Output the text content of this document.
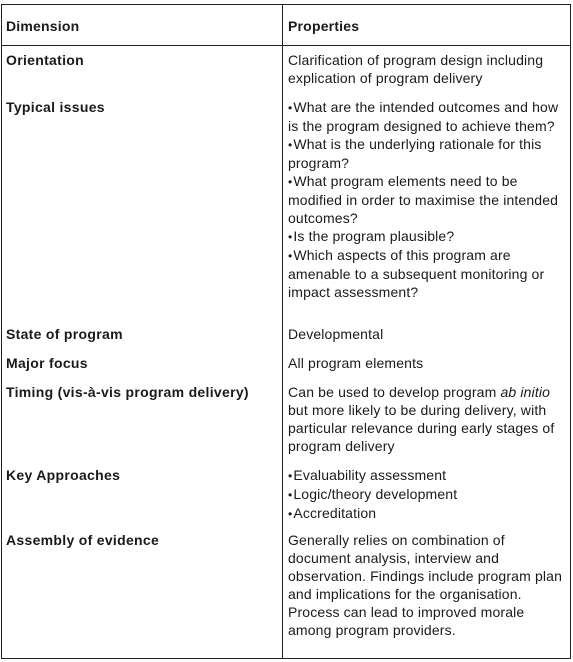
Dimension	Properties
Orientation	Clarification of program design including explication of program delivery
Typical issues	•What are the intended outcomes and how is the program designed to achieve them?
•What is the underlying rationale for this program?
•What program elements need to be modified in order to maximise the intended outcomes?
•Is the program plausible?
•Which aspects of this program are amenable to a subsequent monitoring or impact assessment?
State of program	Developmental
Major focus	All program elements
Timing (vis-à-vis program delivery)	Can be used to develop program ab initio but more likely to be during delivery, with particular relevance during early stages of program delivery
Key Approaches	•Evaluability assessment
•Logic/theory development
•Accreditation
Assembly of evidence	Generally relies on combination of document analysis, interview and observation. Findings include program plan and implications for the organisation. Process can lead to improved morale among program providers.
